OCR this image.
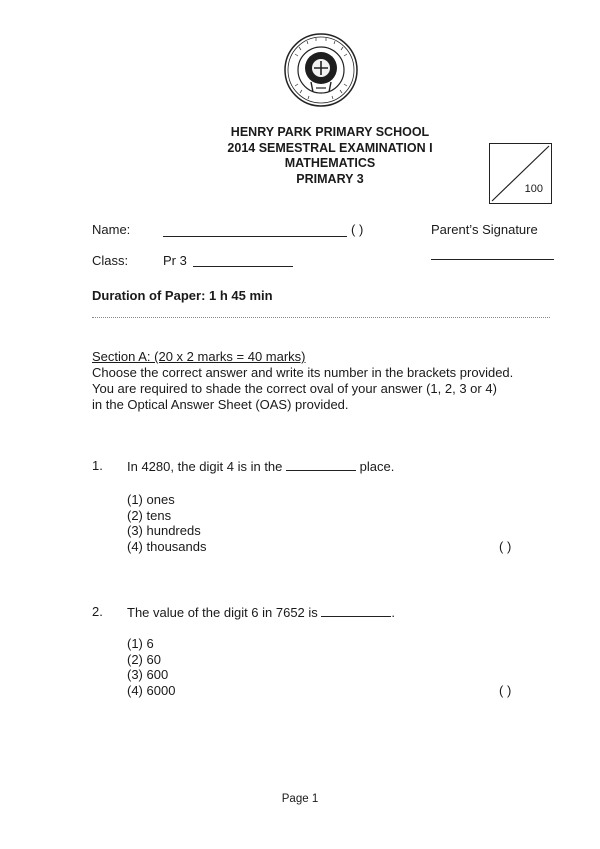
HENRY PARK PRIMARY SCHOOL
2014 SEMESTRAL EXAMINATION I
MATHEMATICS
PRIMARY 3
100
Name:	( )	Parent’s Signature
Class:	Pr 3
Duration of Paper: 1 h 45 min
Section A: (20 x 2 marks = 40 marks)
Choose the correct answer and write its number in the brackets provided.
You are required to shade the correct oval of your answer (1, 2, 3 or 4)
in the Optical Answer Sheet (OAS) provided.
1. In 4280, the digit 4 is in the	place.
(1) ones
(2) tens
(3) hundreds
(4) thousands	( )
2. The value of the digit 6 in 7652 is	.
(1) 6
(2) 60
(3) 600
(4) 6000	( )
Page 1
